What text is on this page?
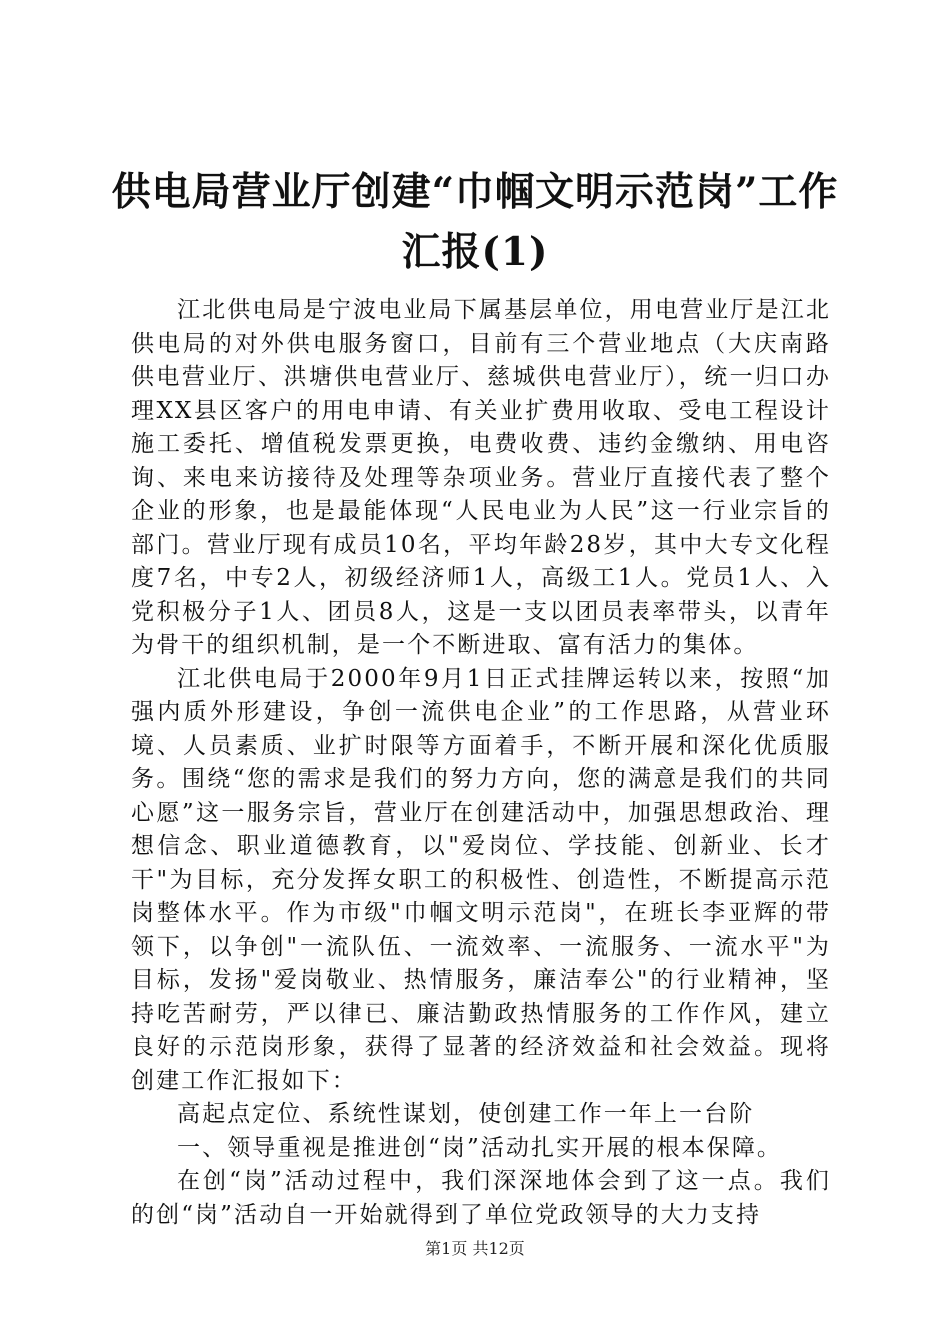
供电局营业厅创建“巾帼文明示范岗”工作汇报(1)

江北供电局是宁波电业局下属基层单位，用电营业厅是江北供电局的对外供电服务窗口，目前有三个营业地点（大庆南路供电营业厅、洪塘供电营业厅、慈城供电营业厅），统一归口办理XX县区客户的用电申请、有关业扩费用收取、受电工程设计施工委托、增值税发票更换，电费收费、违约金缴纳、用电咨询、来电来访接待及处理等杂项业务。营业厅直接代表了整个企业的形象，也是最能体现“人民电业为人民”这一行业宗旨的部门。营业厅现有成员10名，平均年龄28岁，其中大专文化程度7名，中专2人，初级经济师1人，高级工1人。党员1人、入党积极分子1人、团员8人，这是一支以团员表率带头，以青年为骨干的组织机制，是一个不断进取、富有活力的集体。

江北供电局于2000年9月1日正式挂牌运转以来，按照“加强内质外形建设，争创一流供电企业”的工作思路，从营业环境、人员素质、业扩时限等方面着手，不断开展和深化优质服务。围绕“您的需求是我们的努力方向，您的满意是我们的共同心愿”这一服务宗旨，营业厅在创建活动中，加强思想政治、理想信念、职业道德教育，以"爱岗位、学技能、创新业、长才干"为目标，充分发挥女职工的积极性、创造性，不断提高示范岗整体水平。作为市级"巾帼文明示范岗"，在班长李亚辉的带领下，以争创"一流队伍、一流效率、一流服务、一流水平"为目标，发扬"爱岗敬业、热情服务，廉洁奉公"的行业精神，坚持吃苦耐劳，严以律已、廉洁勤政热情服务的工作作风，建立良好的示范岗形象，获得了显著的经济效益和社会效益。现将创建工作汇报如下：

高起点定位、系统性谋划，使创建工作一年上一台阶

一、领导重视是推进创“岗”活动扎实开展的根本保障。

在创“岗”活动过程中，我们深深地体会到了这一点。我们的创“岗”活动自一开始就得到了单位党政领导的大力支持

第1页 共12页
